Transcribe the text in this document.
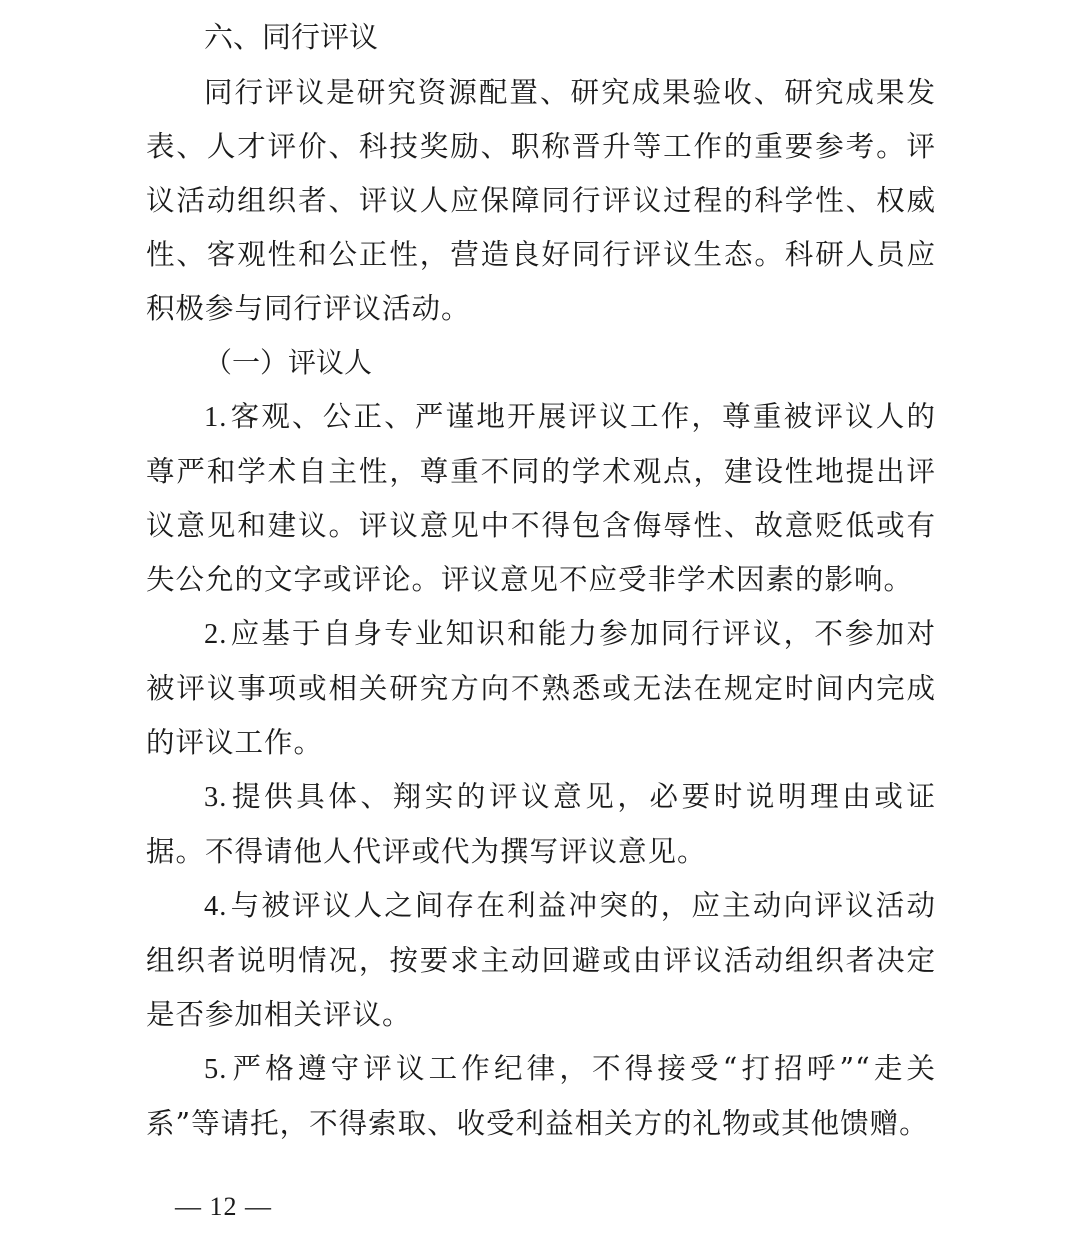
六、同行评议

同行评议是研究资源配置、研究成果验收、研究成果发表、人才评价、科技奖励、职称晋升等工作的重要参考。评议活动组织者、评议人应保障同行评议过程的科学性、权威性、客观性和公正性，营造良好同行评议生态。科研人员应积极参与同行评议活动。

（一）评议人

1.客观、公正、严谨地开展评议工作，尊重被评议人的尊严和学术自主性，尊重不同的学术观点，建设性地提出评议意见和建议。评议意见中不得包含侮辱性、故意贬低或有失公允的文字或评论。评议意见不应受非学术因素的影响。

2.应基于自身专业知识和能力参加同行评议，不参加对被评议事项或相关研究方向不熟悉或无法在规定时间内完成的评议工作。

3.提供具体、翔实的评议意见，必要时说明理由或证据。不得请他人代评或代为撰写评议意见。

4.与被评议人之间存在利益冲突的，应主动向评议活动组织者说明情况，按要求主动回避或由评议活动组织者决定是否参加相关评议。

5.严格遵守评议工作纪律，不得接受“打招呼”“走关系”等请托，不得索取、收受利益相关方的礼物或其他馈赠。

— 12 —
